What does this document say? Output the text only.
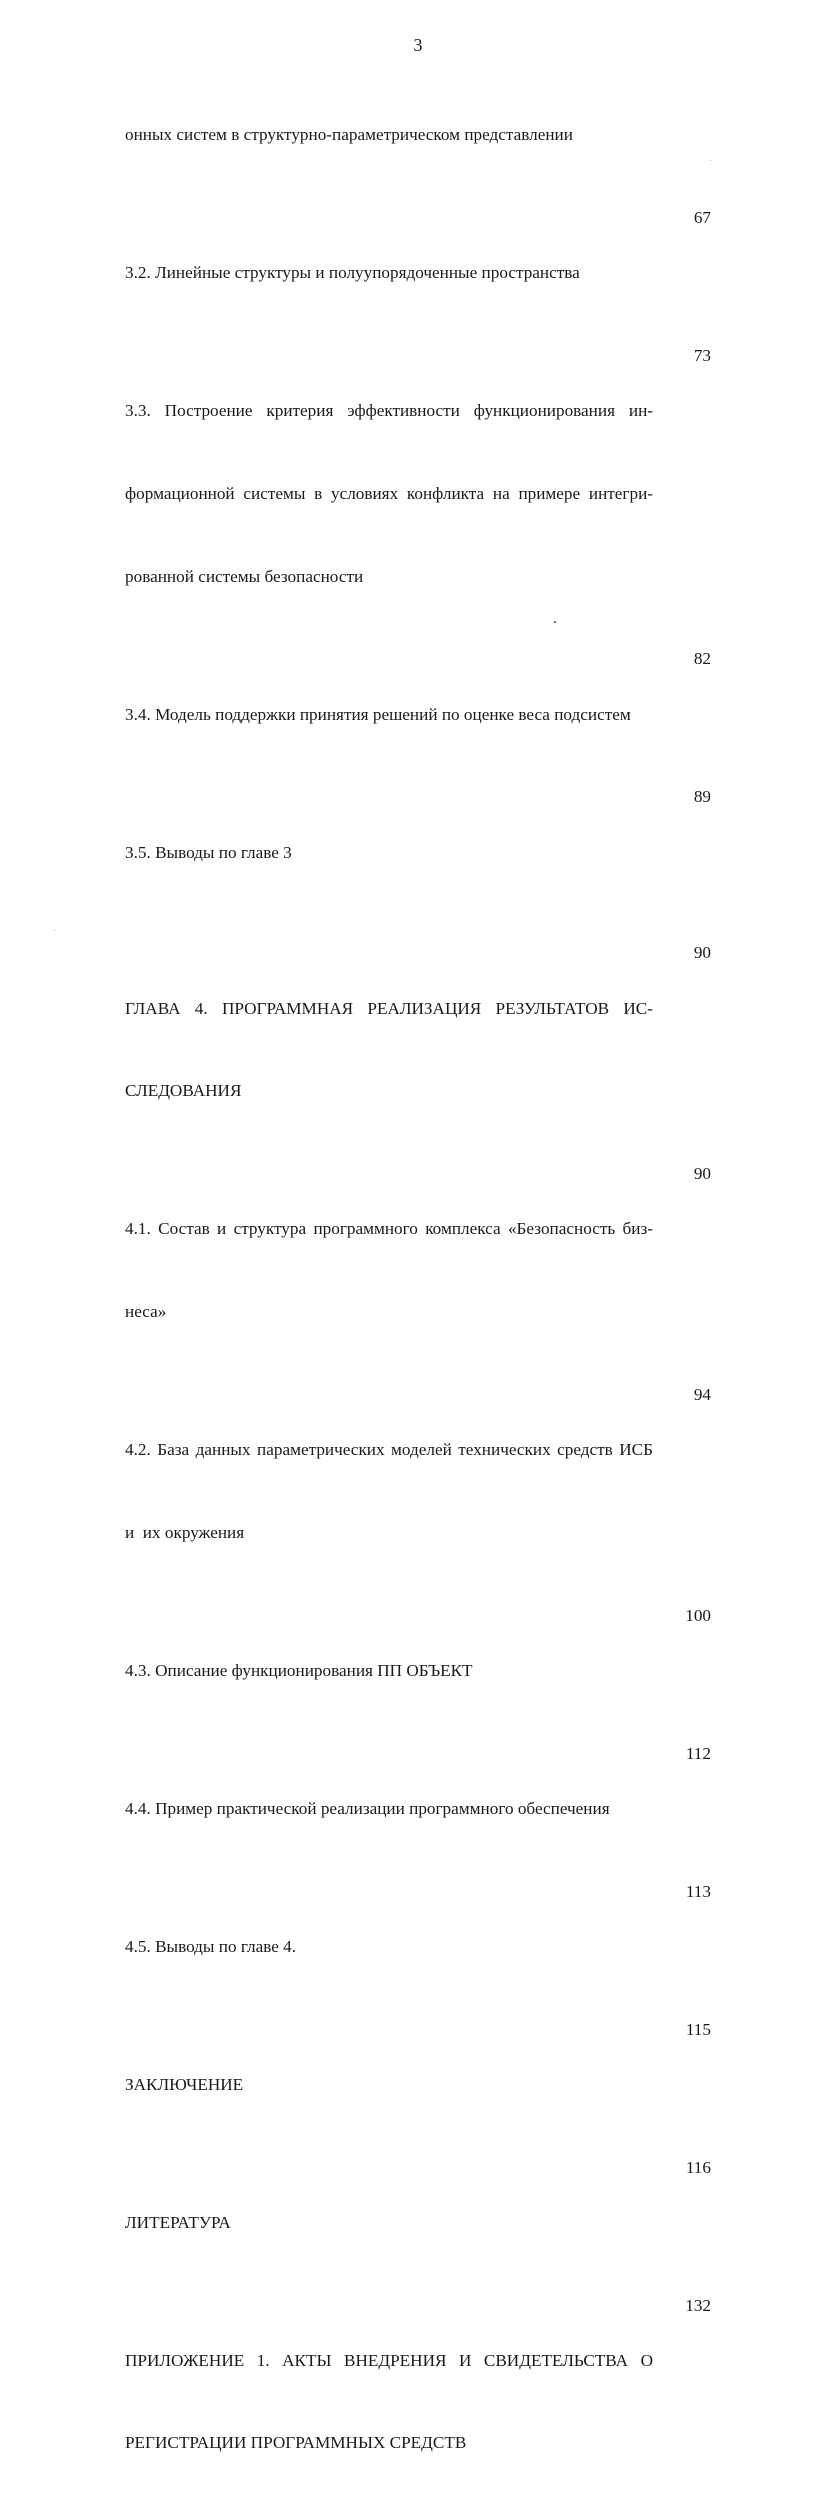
3

онных систем в структурно-параметрическом представлении

3.2. Линейные структуры и полуупорядоченные пространства

67

3.3. Построение критерия эффективности функционирования ин-

формационной системы в условиях конфликта на примере интегри-

рованной системы безопасности

73

3.4. Модель поддержки принятия решений по оценке веса подсистем

82

3.5. Выводы по главе 3

89

ГЛАВА 4. ПРОГРАММНАЯ РЕАЛИЗАЦИЯ РЕЗУЛЬТАТОВ ИС-

СЛЕДОВАНИЯ

90

4.1. Состав и структура программного комплекса «Безопасность биз-

неса»

90

4.2. База данных параметрических моделей технических средств ИСБ

и  их окружения

94

4.3. Описание функционирования ПП ОБЪЕКТ

100

4.4. Пример практической реализации программного обеспечения

112

4.5. Выводы по главе 4.

113

ЗАКЛЮЧЕНИЕ

115

ЛИТЕРАТУРА

116

ПРИЛОЖЕНИЕ 1. АКТЫ ВНЕДРЕНИЯ И СВИДЕТЕЛЬСТВА О

РЕГИСТРАЦИИ ПРОГРАММНЫХ СРЕДСТВ

132
